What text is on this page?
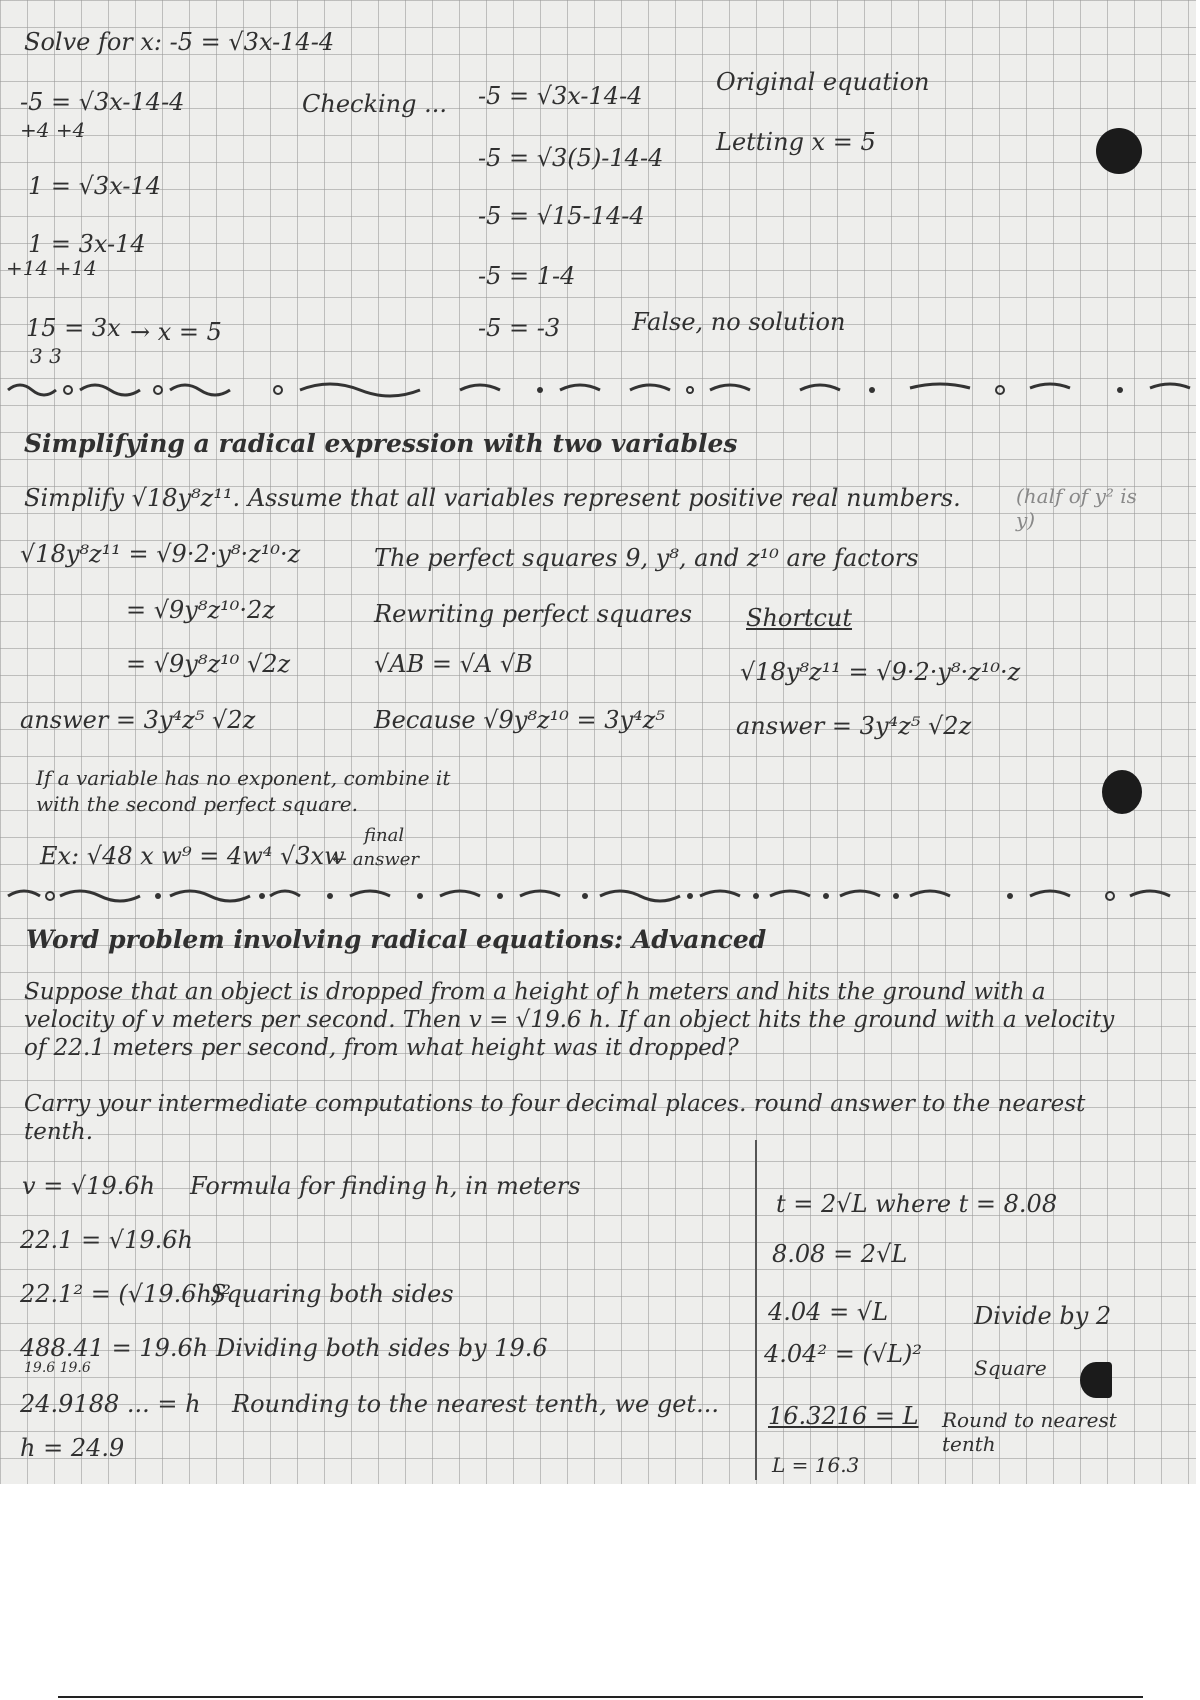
Solve for x: -5 = √3x-14-4
-5 = √3x-14-4
+4 +4
1 = √3x-14
1 = 3x-14
+14 +14
15 = 3x
3 3
→ x = 5
Checking ... -5 = √3x-14-4
-5 = √3(5)-14-4
-5 = √15-14-4
-5 = 1-4
-5 = -3
Original equation
Letting x = 5
False, no solution
Simplifying a radical expression with two variables
Simplify √18y⁸z¹¹. Assume that all variables represent positive real numbers.	(half of y² is y)
√18y⁸z¹¹ = √9·2·y⁸·z¹⁰·z
= √9y⁸z¹⁰·2z
= √9y⁸z¹⁰ √2z
answer = 3y⁴z⁵ √2z
The perfect squares 9, y⁸, and z¹⁰ are factors
Rewriting perfect squares
√AB = √A √B
Because √9y⁸z¹⁰ = 3y⁴z⁵
Shortcut
√18y⁸z¹¹ = √9·2·y⁸·z¹⁰·z
answer = 3y⁴z⁵ √2z
If a variable has no exponent, combine it
with the second perfect square.
Ex: √48 x w⁹ = 4w⁴ √3xw
final
← answer
Word problem involving radical equations: Advanced
Suppose that an object is dropped from a height of h meters and hits the ground with a velocity of v meters per second. Then v = √19.6 h. If an object hits the ground with a velocity of 22.1 meters per second, from what height was it dropped?
Carry your intermediate computations to four decimal places. round answer to the nearest tenth.
v = √19.6h
22.1 = √19.6h
22.1² = (√19.6h)²
488.41 = 19.6h
19.6 19.6
24.9188 ... = h
h = 24.9
Formula for finding h, in meters
Squaring both sides
Dividing both sides by 19.6
Rounding to the nearest tenth, we get...
t = 2√L where t = 8.08
8.08 = 2√L
4.04 = √L
4.04² = (√L)²
16.3216 = L
L = 16.3
Divide by 2
Square
Round to nearest
tenth
